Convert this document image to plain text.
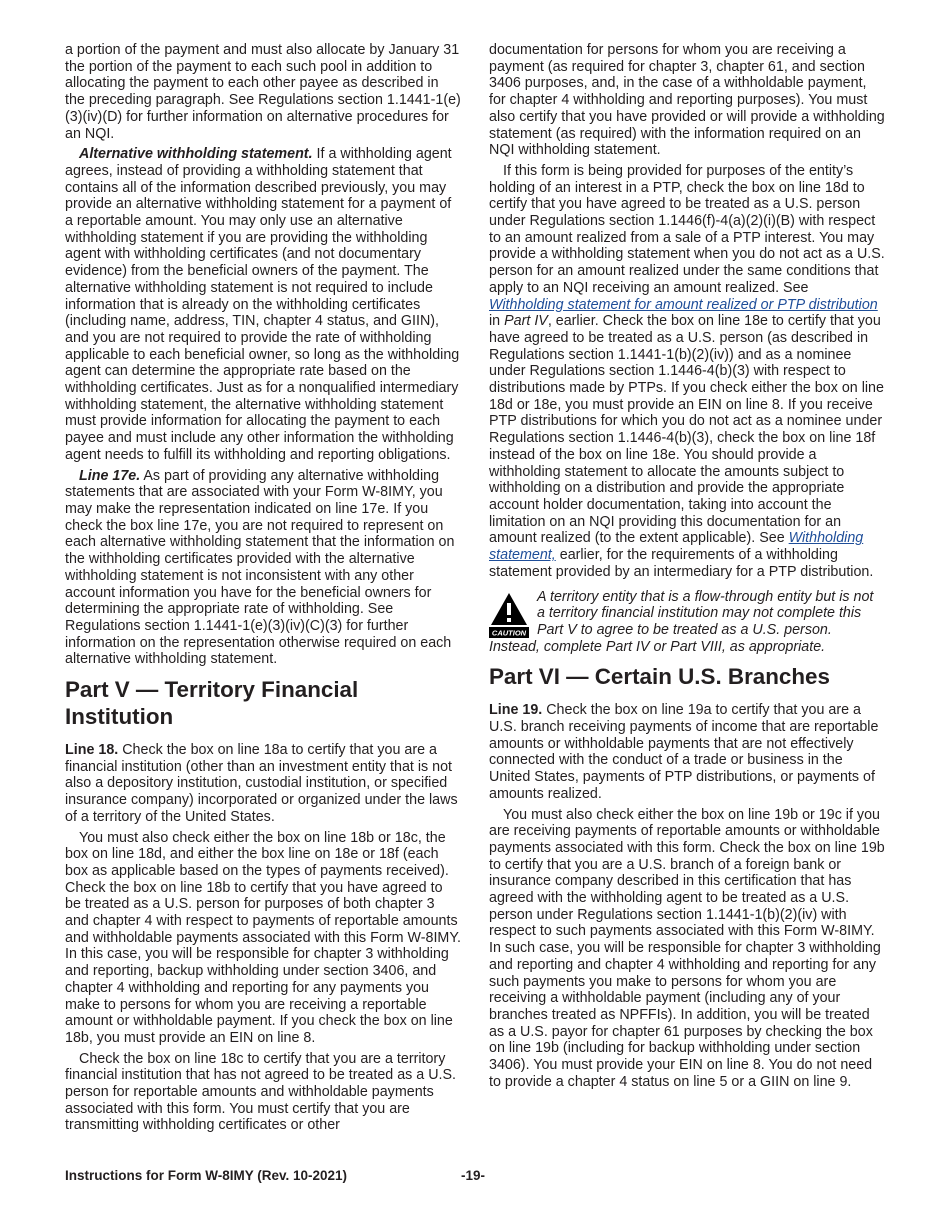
a portion of the payment and must also allocate by January 31 the portion of the payment to each such pool in addition to allocating the payment to each other payee as described in the preceding paragraph. See Regulations section 1.1441-1(e)(3)(iv)(D) for further information on alternative procedures for an NQI.

Alternative withholding statement. If a withholding agent agrees, instead of providing a withholding statement that contains all of the information described previously, you may provide an alternative withholding statement for a payment of a reportable amount. You may only use an alternative withholding statement if you are providing the withholding agent with withholding certificates (and not documentary evidence) from the beneficial owners of the payment. The alternative withholding statement is not required to include information that is already on the withholding certificates (including name, address, TIN, chapter 4 status, and GIIN), and you are not required to provide the rate of withholding applicable to each beneficial owner, so long as the withholding agent can determine the appropriate rate based on the withholding certificates. Just as for a nonqualified intermediary withholding statement, the alternative withholding statement must provide information for allocating the payment to each payee and must include any other information the withholding agent needs to fulfill its withholding and reporting obligations.

Line 17e. As part of providing any alternative withholding statements that are associated with your Form W-8IMY, you may make the representation indicated on line 17e. If you check the box line 17e, you are not required to represent on each alternative withholding statement that the information on the withholding certificates provided with the alternative withholding statement is not inconsistent with any other account information you have for the beneficial owners for determining the appropriate rate of withholding. See Regulations section 1.1441-1(e)(3)(iv)(C)(3) for further information on the representation otherwise required on each alternative withholding statement.

Part V — Territory Financial Institution

Line 18. Check the box on line 18a to certify that you are a financial institution (other than an investment entity that is not also a depository institution, custodial institution, or specified insurance company) incorporated or organized under the laws of a territory of the United States.

You must also check either the box on line 18b or 18c, the box on line 18d, and either the box line on 18e or 18f (each box as applicable based on the types of payments received). Check the box on line 18b to certify that you have agreed to be treated as a U.S. person for purposes of both chapter 3 and chapter 4 with respect to payments of reportable amounts and withholdable payments associated with this Form W-8IMY. In this case, you will be responsible for chapter 3 withholding and reporting, backup withholding under section 3406, and chapter 4 withholding and reporting for any payments you make to persons for whom you are receiving a reportable amount or withholdable payment. If you check the box on line 18b, you must provide an EIN on line 8.

Check the box on line 18c to certify that you are a territory financial institution that has not agreed to be treated as a U.S. person for reportable amounts and withholdable payments associated with this form. You must certify that you are transmitting withholding certificates or other

documentation for persons for whom you are receiving a payment (as required for chapter 3, chapter 61, and section 3406 purposes, and, in the case of a withholdable payment, for chapter 4 withholding and reporting purposes). You must also certify that you have provided or will provide a withholding statement (as required) with the information required on an NQI withholding statement.

If this form is being provided for purposes of the entity’s holding of an interest in a PTP, check the box on line 18d to certify that you have agreed to be treated as a U.S. person under Regulations section 1.1446(f)-4(a)(2)(i)(B) with respect to an amount realized from a sale of a PTP interest. You may provide a withholding statement when you do not act as a U.S. person for an amount realized under the same conditions that apply to an NQI receiving an amount realized. See Withholding statement for amount realized or PTP distribution in Part IV, earlier. Check the box on line 18e to certify that you have agreed to be treated as a U.S. person (as described in Regulations section 1.1441-1(b)(2)(iv)) and as a nominee under Regulations section 1.1446-4(b)(3) with respect to distributions made by PTPs. If you check either the box on line 18d or 18e, you must provide an EIN on line 8. If you receive PTP distributions for which you do not act as a nominee under Regulations section 1.1446-4(b)(3), check the box on line 18f instead of the box on line 18e. You should provide a withholding statement to allocate the amounts subject to withholding on a distribution and provide the appropriate account holder documentation, taking into account the limitation on an NQI providing this documentation for an amount realized (to the extent applicable). See Withholding statement, earlier, for the requirements of a withholding statement provided by an intermediary for a PTP distribution.

CAUTION
A territory entity that is a flow-through entity but is not a territory financial institution may not complete this Part V to agree to be treated as a U.S. person. Instead, complete Part IV or Part VIII, as appropriate.
Part VI — Certain U.S. Branches

Line 19. Check the box on line 19a to certify that you are a U.S. branch receiving payments of income that are reportable amounts or withholdable payments that are not effectively connected with the conduct of a trade or business in the United States, payments of PTP distributions, or payments of amounts realized.

You must also check either the box on line 19b or 19c if you are receiving payments of reportable amounts or withholdable payments associated with this form. Check the box on line 19b to certify that you are a U.S. branch of a foreign bank or insurance company described in this certification that has agreed with the withholding agent to be treated as a U.S. person under Regulations section 1.1441-1(b)(2)(iv) with respect to such payments associated with this Form W-8IMY. In such case, you will be responsible for chapter 3 withholding and reporting and chapter 4 withholding and reporting for any such payments you make to persons for whom you are receiving a withholdable payment (including any of your branches treated as NPFFIs). In addition, you will be treated as a U.S. payor for chapter 61 purposes by checking the box on line 19b (including for backup withholding under section 3406). You must provide your EIN on line 8. You do not need to provide a chapter 4 status on line 5 or a GIIN on line 9.

Instructions for Form W-8IMY (Rev. 10-2021)	-19-
